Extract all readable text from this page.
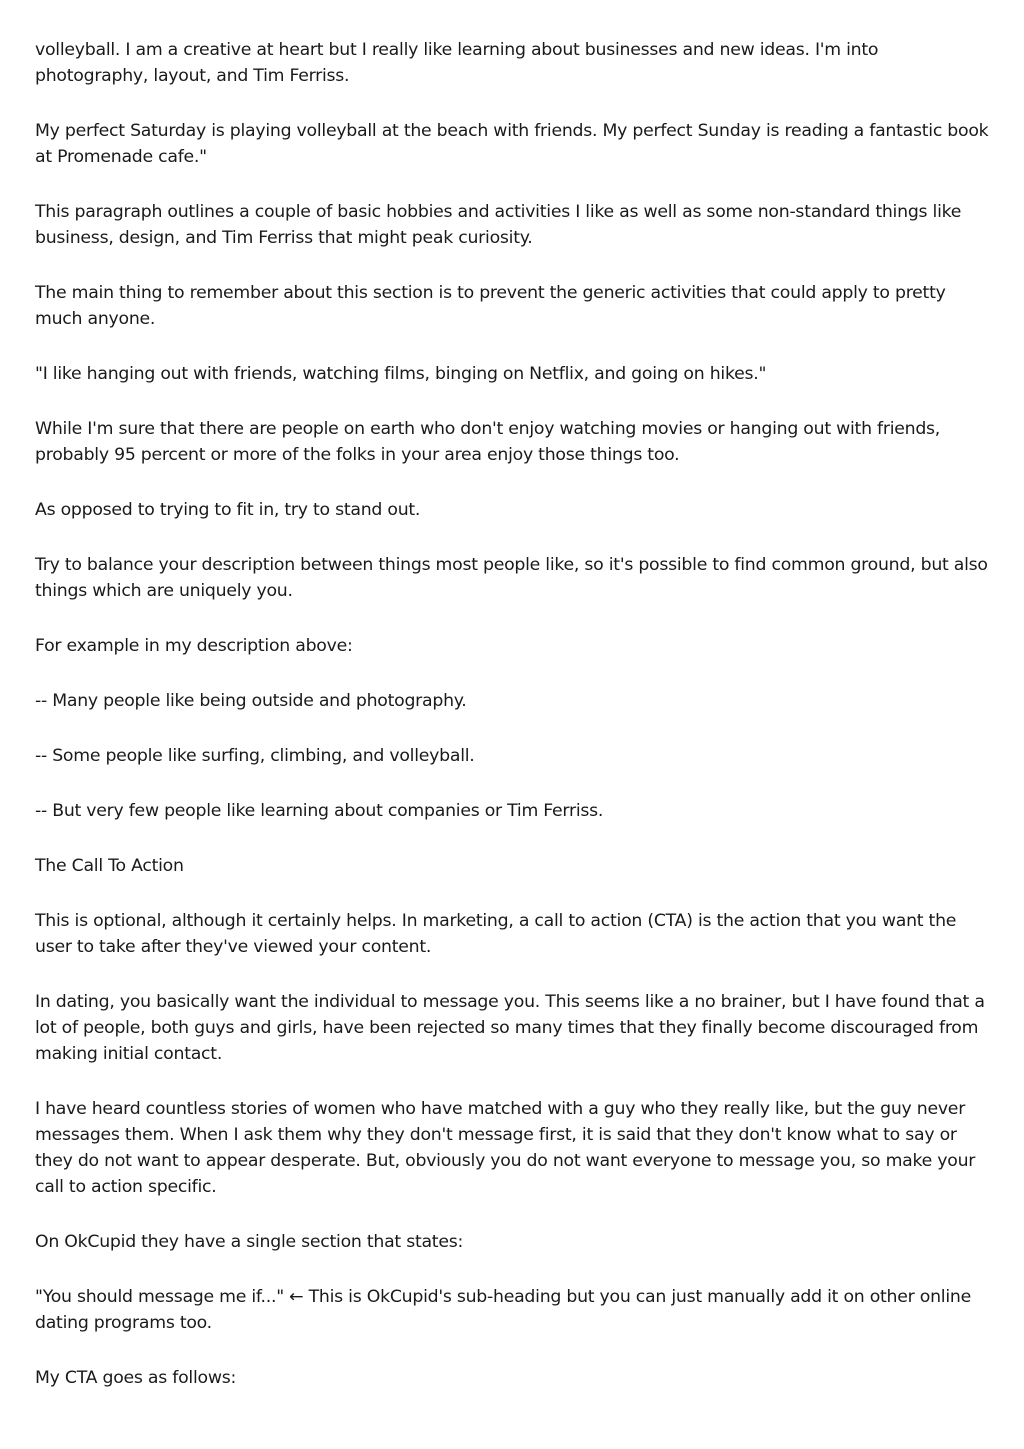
volleyball. I am a creative at heart but I really like learning about businesses and new ideas. I'm into photography, layout, and Tim Ferriss.

My perfect Saturday is playing volleyball at the beach with friends. My perfect Sunday is reading a fantastic book at Promenade cafe."

This paragraph outlines a couple of basic hobbies and activities I like as well as some non-standard things like business, design, and Tim Ferriss that might peak curiosity.

The main thing to remember about this section is to prevent the generic activities that could apply to pretty much anyone.

"I like hanging out with friends, watching films, binging on Netflix, and going on hikes."

While I'm sure that there are people on earth who don't enjoy watching movies or hanging out with friends, probably 95 percent or more of the folks in your area enjoy those things too.

As opposed to trying to fit in, try to stand out.

Try to balance your description between things most people like, so it's possible to find common ground, but also things which are uniquely you.

For example in my description above:

-- Many people like being outside and photography.

-- Some people like surfing, climbing, and volleyball.

-- But very few people like learning about companies or Tim Ferriss.

The Call To Action

This is optional, although it certainly helps. In marketing, a call to action (CTA) is the action that you want the user to take after they've viewed your content.

In dating, you basically want the individual to message you. This seems like a no brainer, but I have found that a lot of people, both guys and girls, have been rejected so many times that they finally become discouraged from making initial contact.

I have heard countless stories of women who have matched with a guy who they really like, but the guy never messages them. When I ask them why they don't message first, it is said that they don't know what to say or they do not want to appear desperate. But, obviously you do not want everyone to message you, so make your call to action specific.

On OkCupid they have a single section that states:

"You should message me if..." ← This is OkCupid's sub-heading but you can just manually add it on other online dating programs too.

My CTA goes as follows:
